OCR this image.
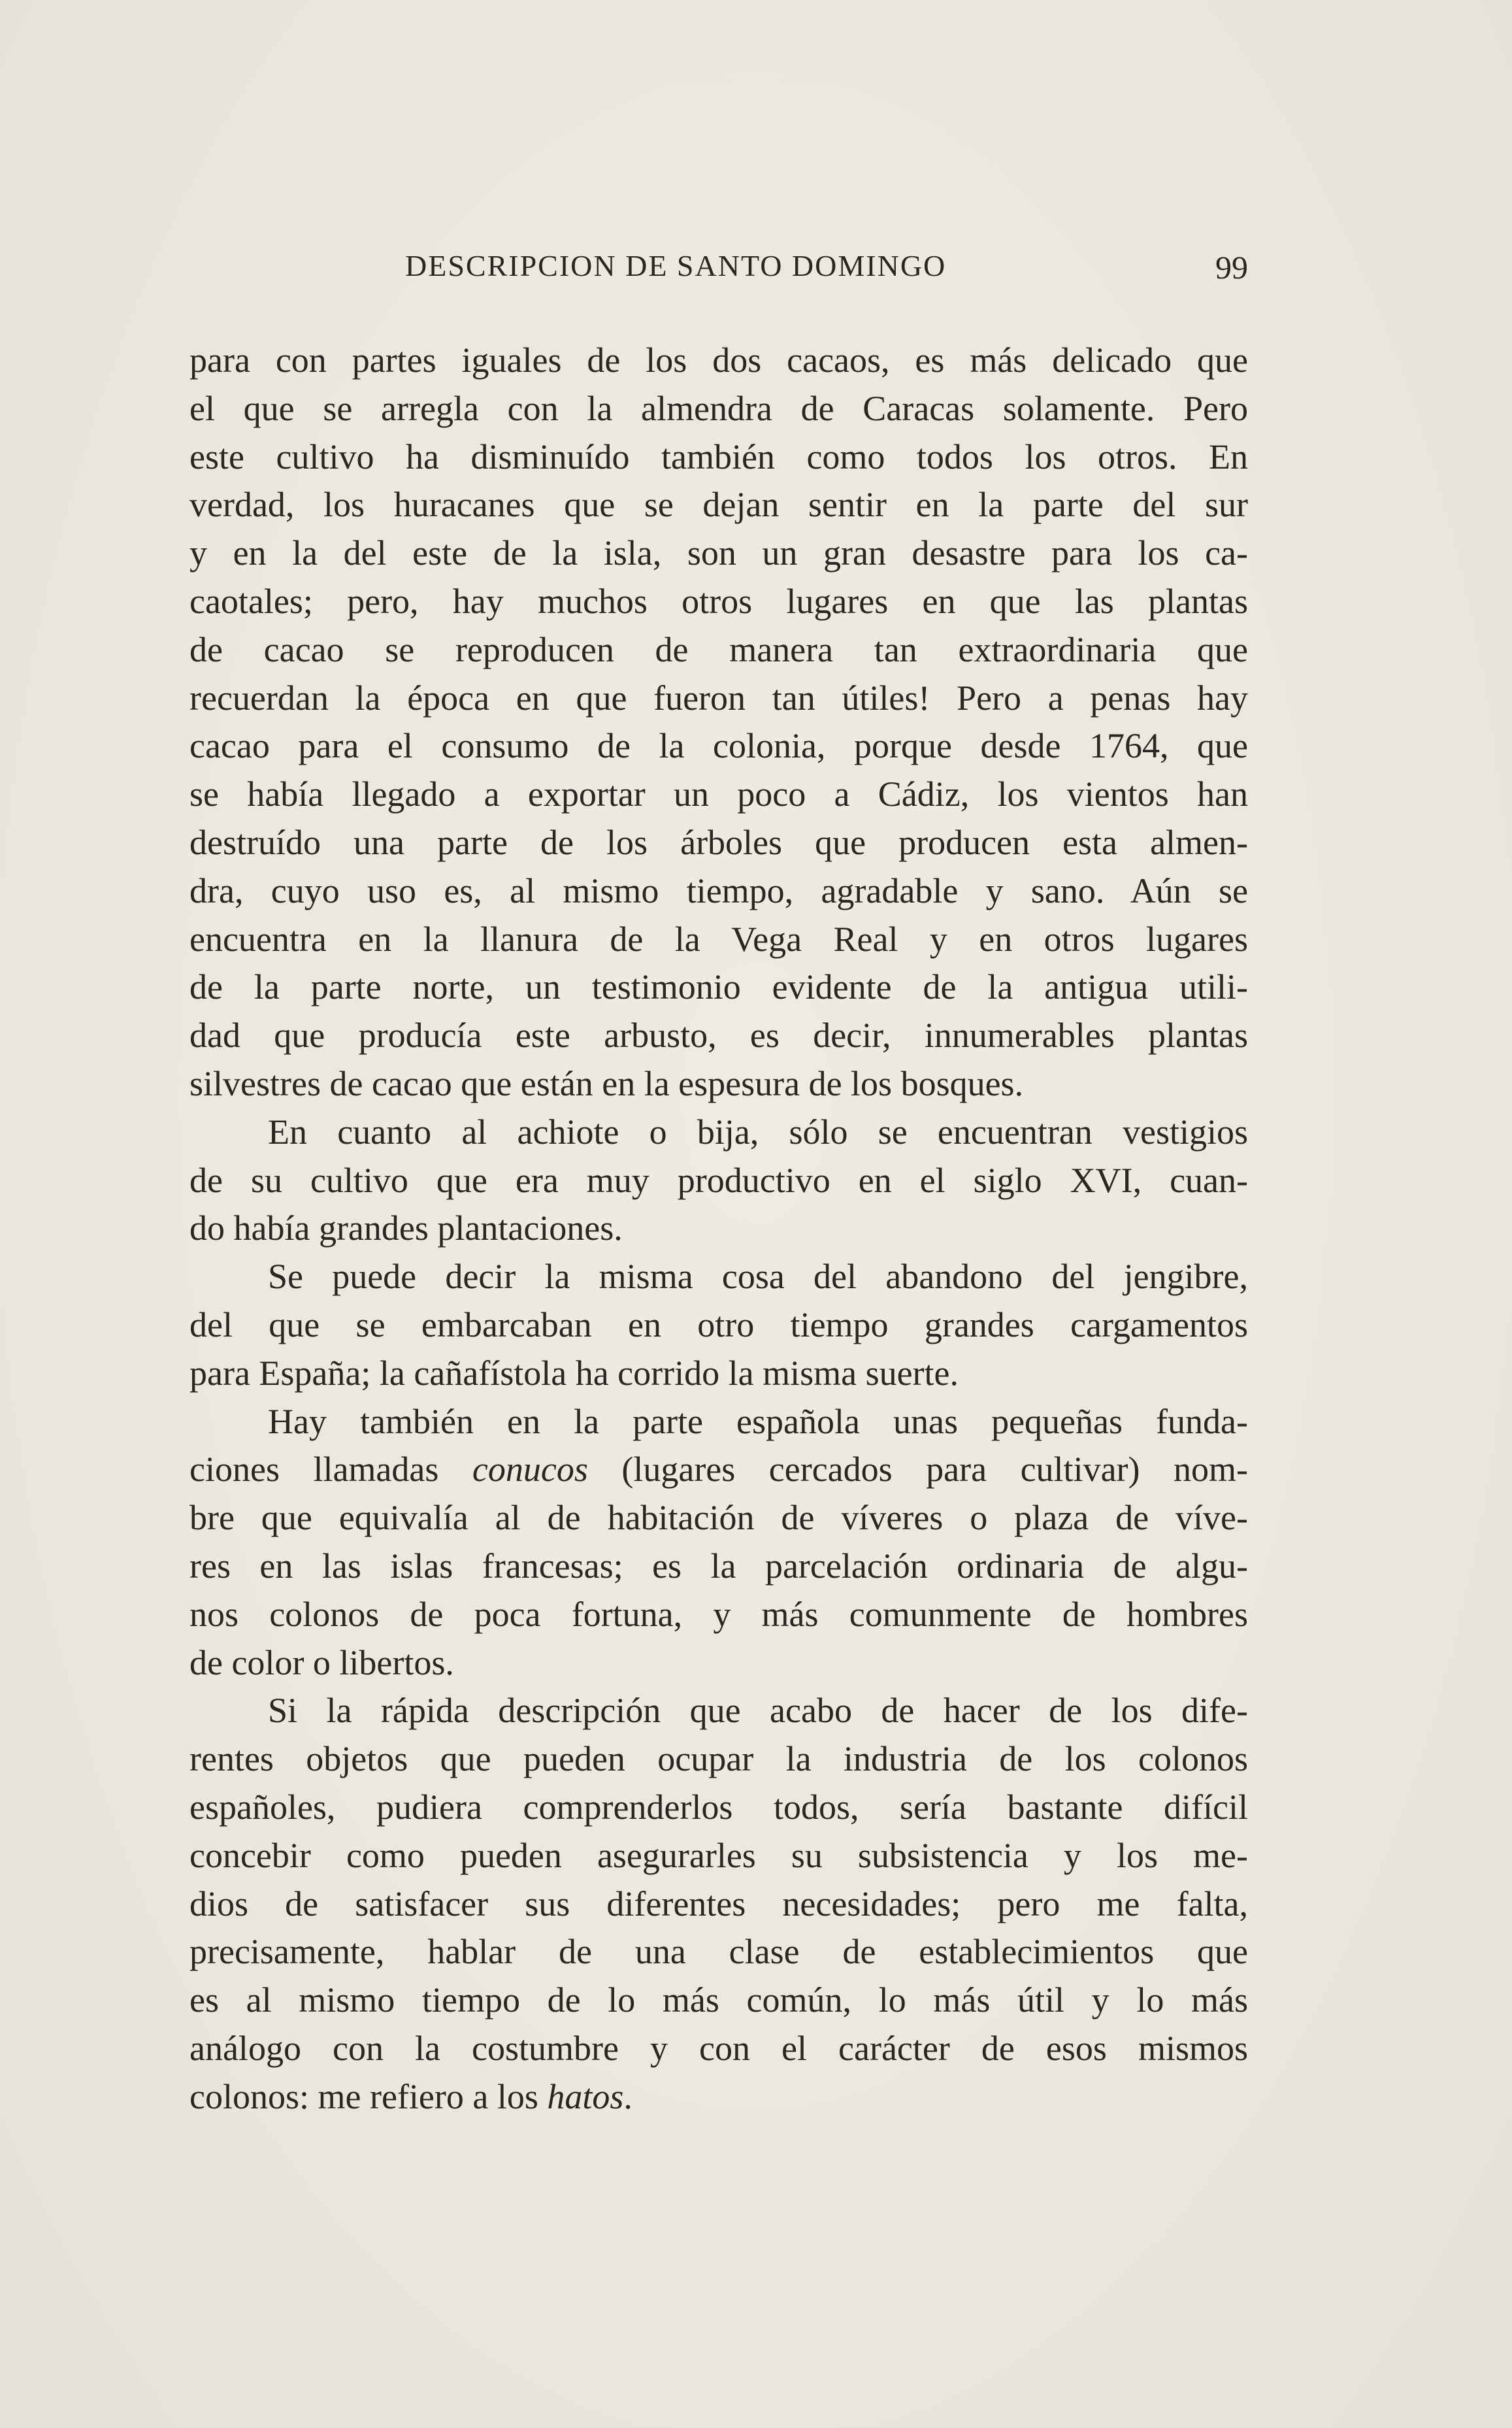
DESCRIPCION DE SANTO DOMINGO	99
para con partes iguales de los dos cacaos, es más delicado que
el que se arregla con la almendra de Caracas solamente. Pero
este cultivo ha disminuído también como todos los otros. En
verdad, los huracanes que se dejan sentir en la parte del sur
y en la del este de la isla, son un gran desastre para los ca-
caotales; pero, hay muchos otros lugares en que las plantas
de cacao se reproducen de manera tan extraordinaria que
recuerdan la época en que fueron tan útiles! Pero a penas hay
cacao para el consumo de la colonia, porque desde 1764, que
se había llegado a exportar un poco a Cádiz, los vientos han
destruído una parte de los árboles que producen esta almen-
dra, cuyo uso es, al mismo tiempo, agradable y sano. Aún se
encuentra en la llanura de la Vega Real y en otros lugares
de la parte norte, un testimonio evidente de la antigua utili-
dad que producía este arbusto, es decir, innumerables plantas
silvestres de cacao que están en la espesura de los bosques.
En cuanto al achiote o bija, sólo se encuentran vestigios
de su cultivo que era muy productivo en el siglo XVI, cuan-
do había grandes plantaciones.
Se puede decir la misma cosa del abandono del jengibre,
del que se embarcaban en otro tiempo grandes cargamentos
para España; la cañafístola ha corrido la misma suerte.
Hay también en la parte española unas pequeñas funda-
ciones llamadas conucos (lugares cercados para cultivar) nom-
bre que equivalía al de habitación de víveres o plaza de víve-
res en las islas francesas; es la parcelación ordinaria de algu-
nos colonos de poca fortuna, y más comunmente de hombres
de color o libertos.
Si la rápida descripción que acabo de hacer de los dife-
rentes objetos que pueden ocupar la industria de los colonos
españoles, pudiera comprenderlos todos, sería bastante difícil
concebir como pueden asegurarles su subsistencia y los me-
dios de satisfacer sus diferentes necesidades; pero me falta,
precisamente, hablar de una clase de establecimientos que
es al mismo tiempo de lo más común, lo más útil y lo más
análogo con la costumbre y con el carácter de esos mismos
colonos: me refiero a los hatos.
